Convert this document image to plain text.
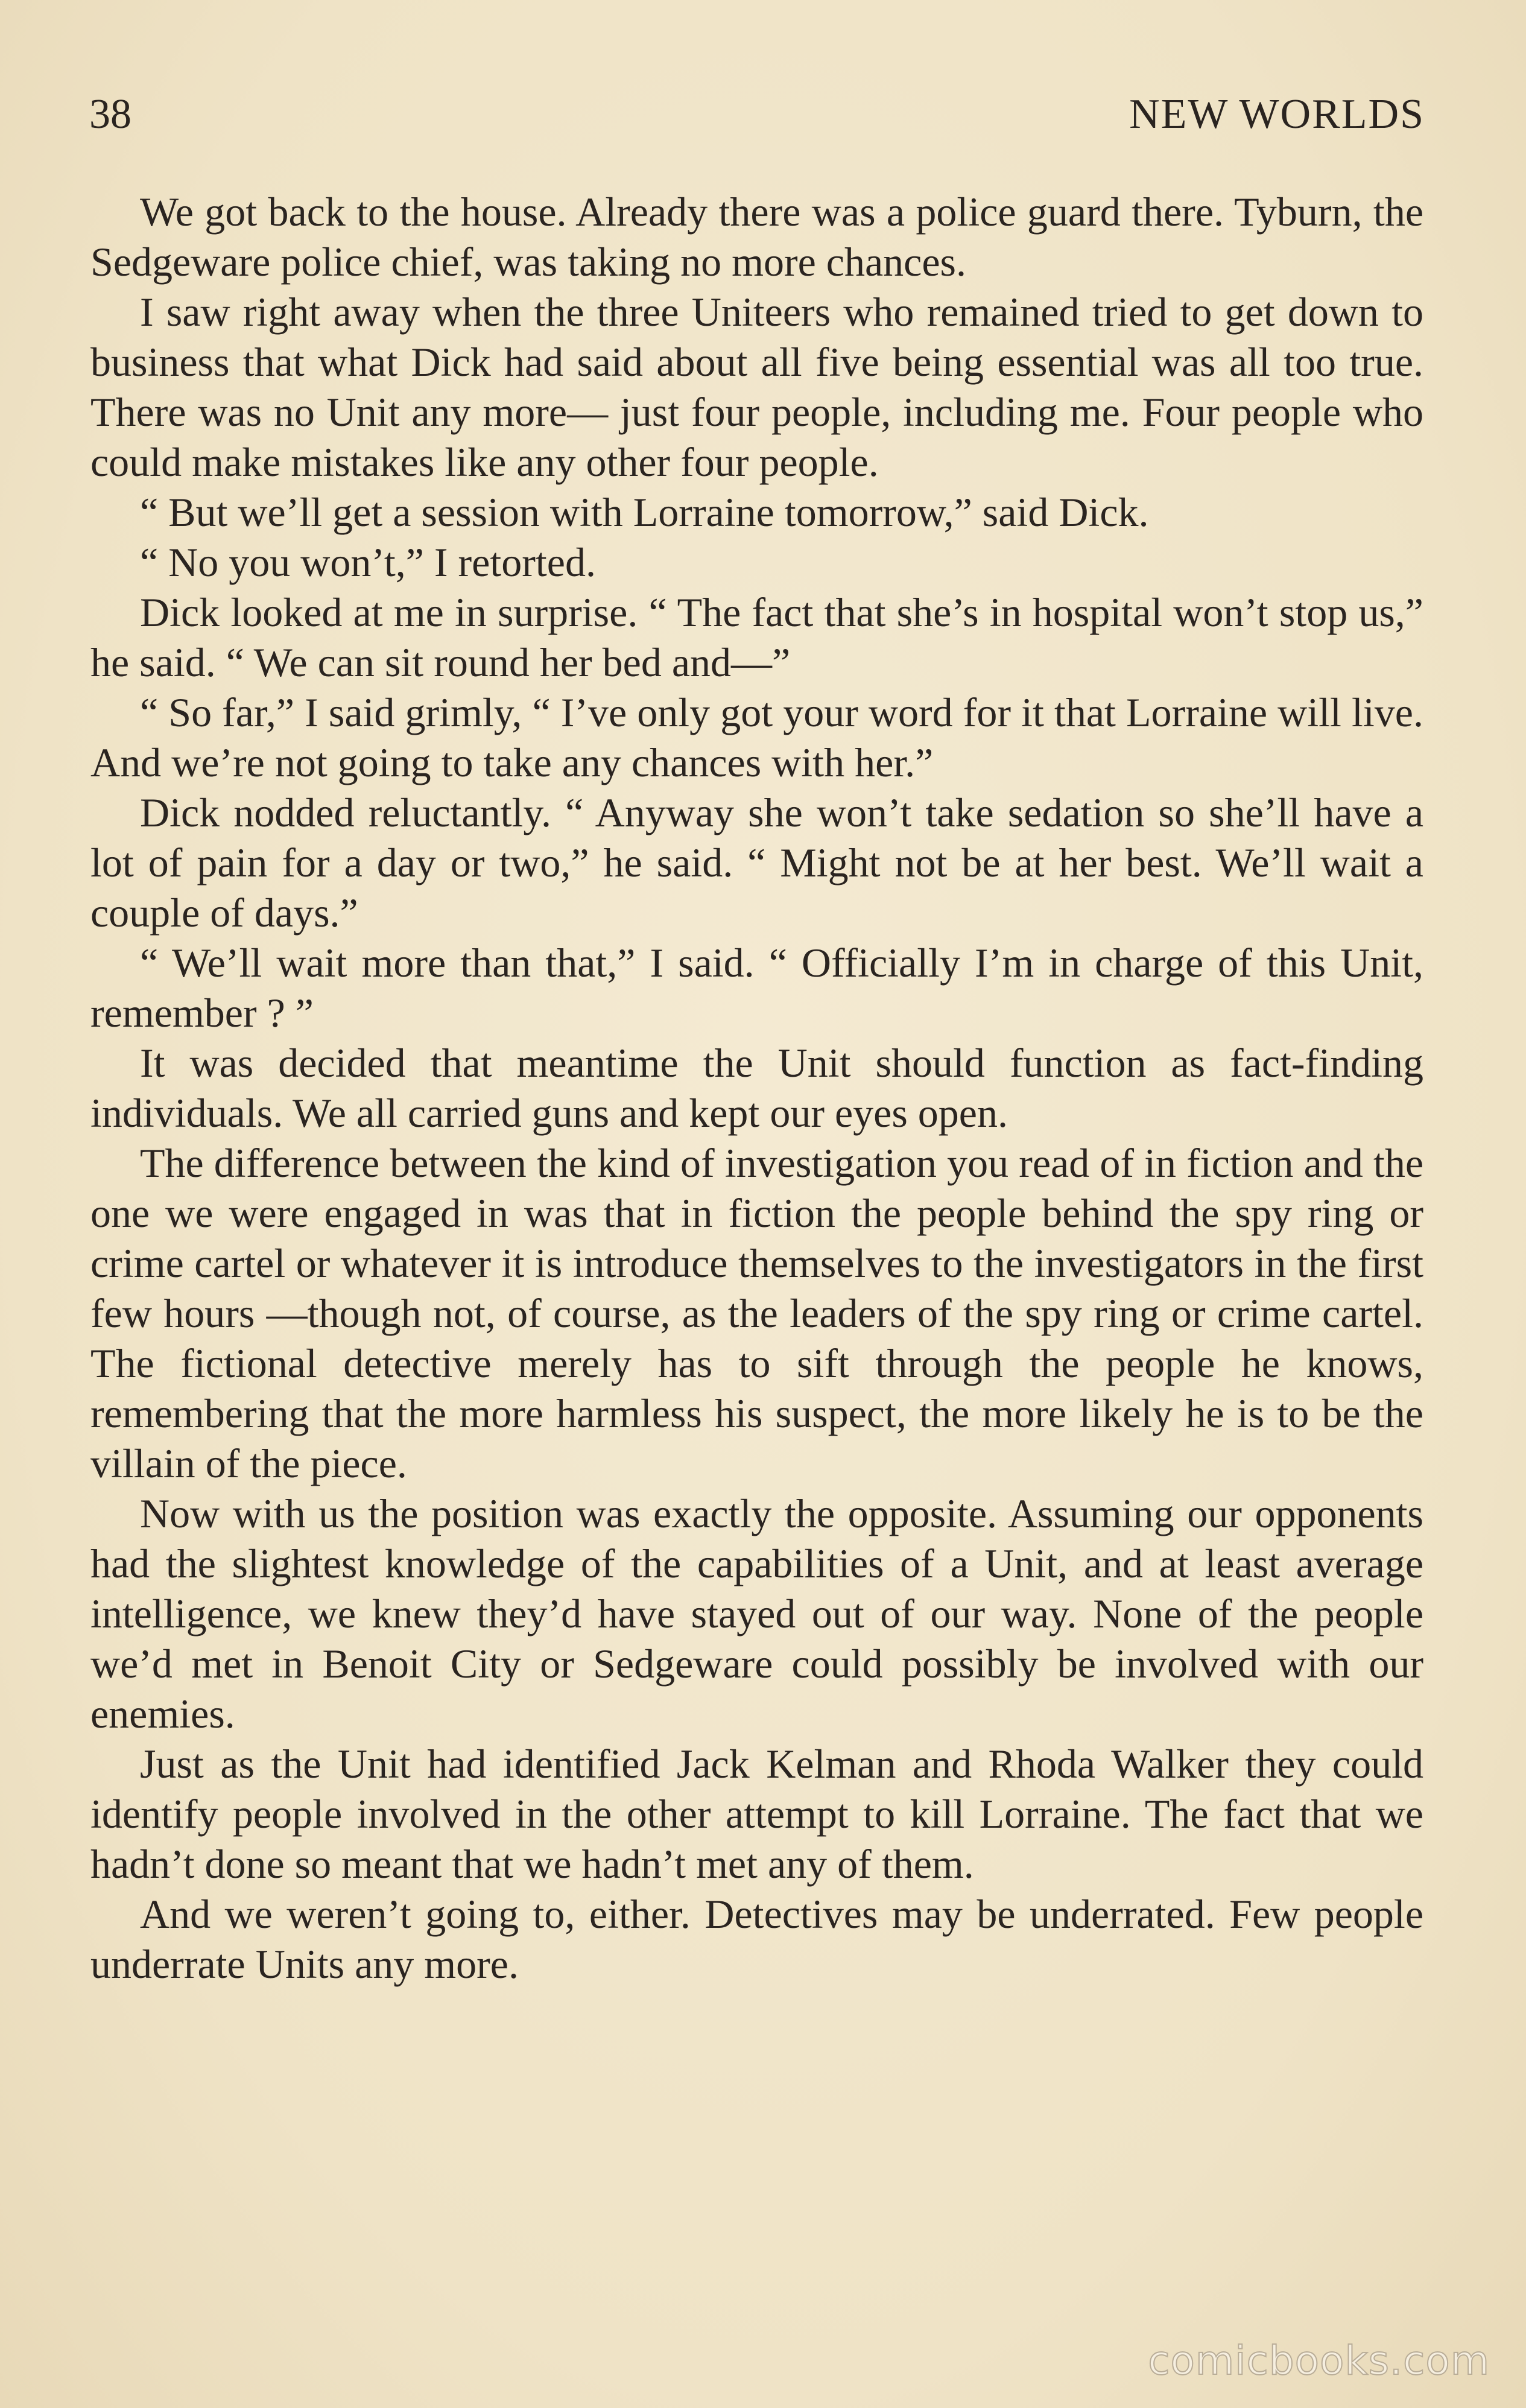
38	NEW WORLDS

We got back to the house. Already there was a police guard there. Tyburn, the Sedgeware police chief, was taking no more chances.

I saw right away when the three Uniteers who remained tried to get down to business that what Dick had said about all five being essential was all too true. There was no Unit any more— just four people, including me. Four people who could make mistakes like any other four people.

“ But we’ll get a session with Lorraine tomorrow,” said Dick.

“ No you won’t,” I retorted.

Dick looked at me in surprise. “ The fact that she’s in hospital won’t stop us,” he said. “ We can sit round her bed and—”

“ So far,” I said grimly, “ I’ve only got your word for it that Lorraine will live. And we’re not going to take any chances with her.”

Dick nodded reluctantly. “ Anyway she won’t take sedation so she’ll have a lot of pain for a day or two,” he said. “ Might not be at her best. We’ll wait a couple of days.”

“ We’ll wait more than that,” I said. “ Officially I’m in charge of this Unit, remember ? ”

It was decided that meantime the Unit should function as fact-finding individuals. We all carried guns and kept our eyes open.

The difference between the kind of investigation you read of in fiction and the one we were engaged in was that in fiction the people behind the spy ring or crime cartel or whatever it is introduce themselves to the investigators in the first few hours —though not, of course, as the leaders of the spy ring or crime cartel. The fictional detective merely has to sift through the people he knows, remembering that the more harmless his suspect, the more likely he is to be the villain of the piece.

Now with us the position was exactly the opposite. Assuming our opponents had the slightest knowledge of the capabilities of a Unit, and at least average intelligence, we knew they’d have stayed out of our way. None of the people we’d met in Benoit City or Sedgeware could possibly be involved with our enemies.

Just as the Unit had identified Jack Kelman and Rhoda Walker they could identify people involved in the other attempt to kill Lorraine. The fact that we hadn’t done so meant that we hadn’t met any of them.

And we weren’t going to, either. Detectives may be underrated. Few people underrate Units any more.

comicbooks.com
